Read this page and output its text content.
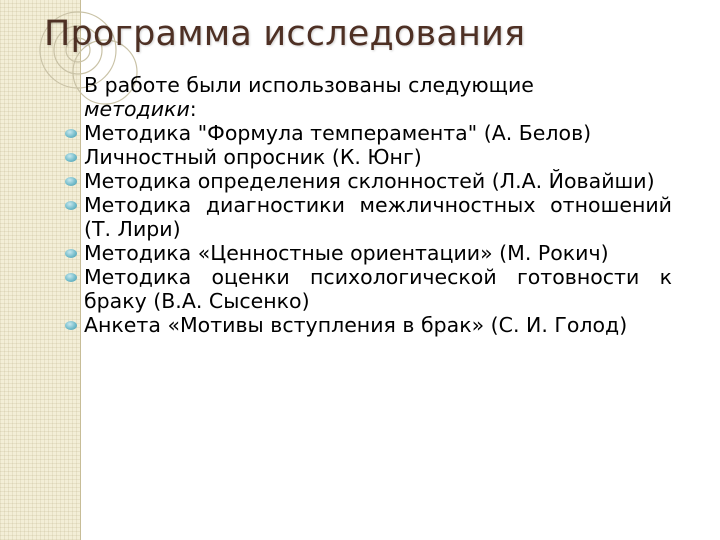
Программа исследования
В работе были использованы следующие
методики:
Методика "Формула темперамента" (А. Белов)
Личностный опросник (К. Юнг)
Методика определения склонностей (Л.А. Йовайши)
Методика диагностики межличностных отношений (Т. Лири)
Методика «Ценностные ориентации» (М. Рокич)
Методика оценки психологической готовности к браку (В.А. Сысенко)
Анкета «Мотивы вступления в брак» (С. И. Голод)
